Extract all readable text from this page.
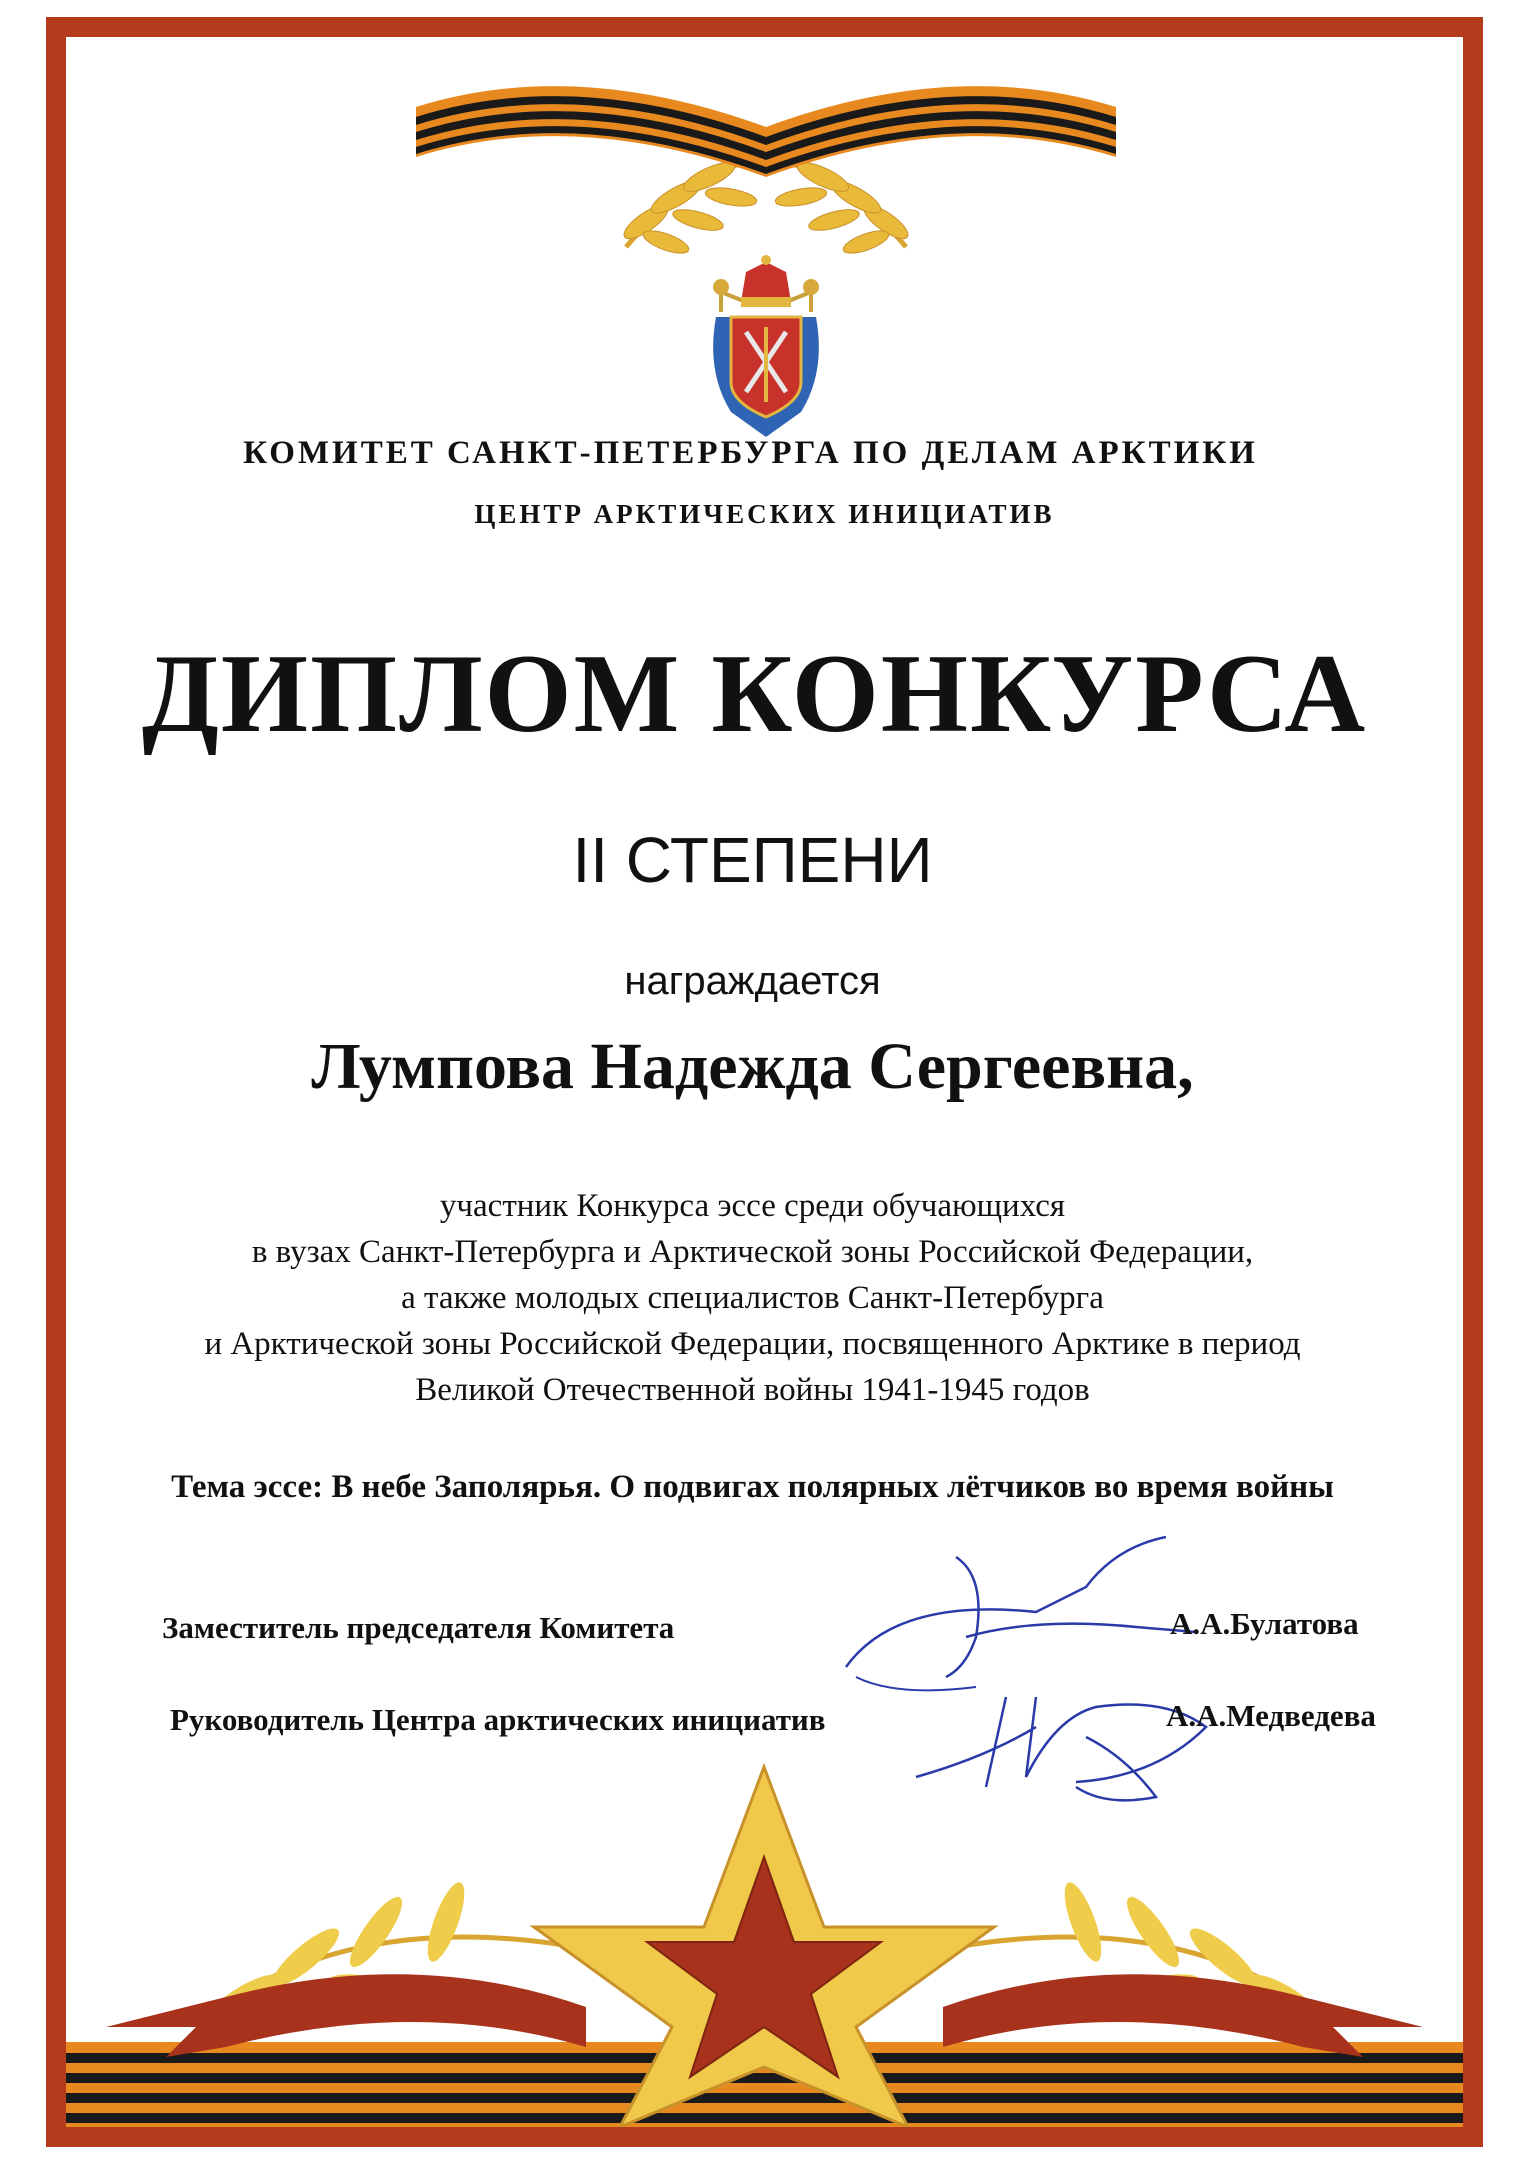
КОМИТЕТ САНКТ-ПЕТЕРБУРГА ПО ДЕЛАМ АРКТИКИ
ЦЕНТР АРКТИЧЕСКИХ ИНИЦИАТИВ
ДИПЛОМ КОНКУРСА
II СТЕПЕНИ
награждается
Лумпова Надежда Сергеевна,
участник Конкурса эссе среди обучающихся
в вузах Санкт-Петербурга и Арктической зоны Российской Федерации,
а также молодых специалистов Санкт-Петербурга
и Арктической зоны Российской Федерации, посвященного Арктике в период
Великой Отечественной войны 1941-1945 годов
Тема эссе: В небе Заполярья. О подвигах полярных лётчиков во время войны
Заместитель председателя Комитета	А.А.Булатова
Руководитель Центра арктических инициатив	А.А.Медведева
